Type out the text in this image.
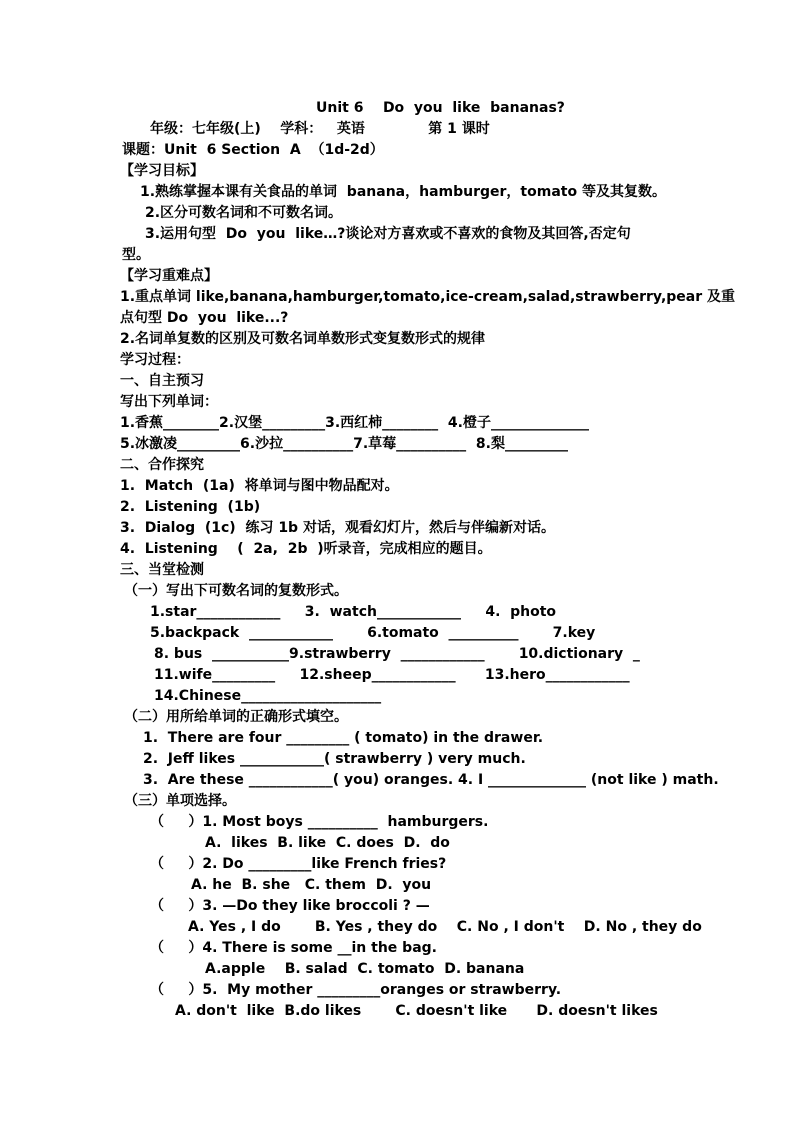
Unit 6    Do  you  like  bananas?
年级：七年级(上)    学科：   英语             第 1 课时
课题：Unit  6 Section  A  （1d-2d）
【学习目标】
1.熟练掌握本课有关食品的单词  banana，hamburger，tomato 等及其复数。
2.区分可数名词和不可数名词。
3.运用句型  Do  you  like…?谈论对方喜欢或不喜欢的食物及其回答,否定句
型。
【学习重难点】
1.重点单词 like,banana,hamburger,tomato,ice-cream,salad,strawberry,pear 及重
点句型 Do  you  like...?
2.名词单复数的区别及可数名词单数形式变复数形式的规律
学习过程：
一、自主预习
写出下列单词：
1.香蕉________2.汉堡_________3.西红柿________  4.橙子______________
5.冰激凌_________6.沙拉__________7.草莓__________  8.梨_________
二、合作探究
1.  Match  (1a)  将单词与图中物品配对。
2.  Listening  (1b)
3.  Dialog  (1c)  练习 1b 对话，观看幻灯片，然后与伴编新对话。
4.  Listening    (  2a,  2b  )听录音，完成相应的题目。
三、当堂检测
（一）写出下可数名词的复数形式。
1.star____________     3.  watch____________     4.  photo
5.backpack  ____________       6.tomato  __________       7.key
8. bus  ___________9.strawberry  ____________       10.dictionary  _
11.wife_________     12.sheep____________      13.hero____________
14.Chinese____________________
（二）用所给单词的正确形式填空。
1.  There are four _________ ( tomato) in the drawer.
2.  Jeff likes ____________( strawberry ) very much.
3.  Are these ____________( you) oranges. 4. I ______________ (not like ) math.
（三）单项选择。
（     ）1. Most boys __________  hamburgers.
A.  likes  B. like  C. does  D.  do
（     ）2. Do _________like French fries?
A. he  B. she   C. them  D.  you
（     ）3. —Do they like broccoli ? —
A. Yes , I do       B. Yes , they do    C. No , I don't    D. No , they do
（     ）4. There is some __in the bag.
A.apple    B. salad  C. tomato  D. banana
（     ）5.  My mother _________oranges or strawberry.
A. don't  like  B.do likes       C. doesn't like      D. doesn't likes
